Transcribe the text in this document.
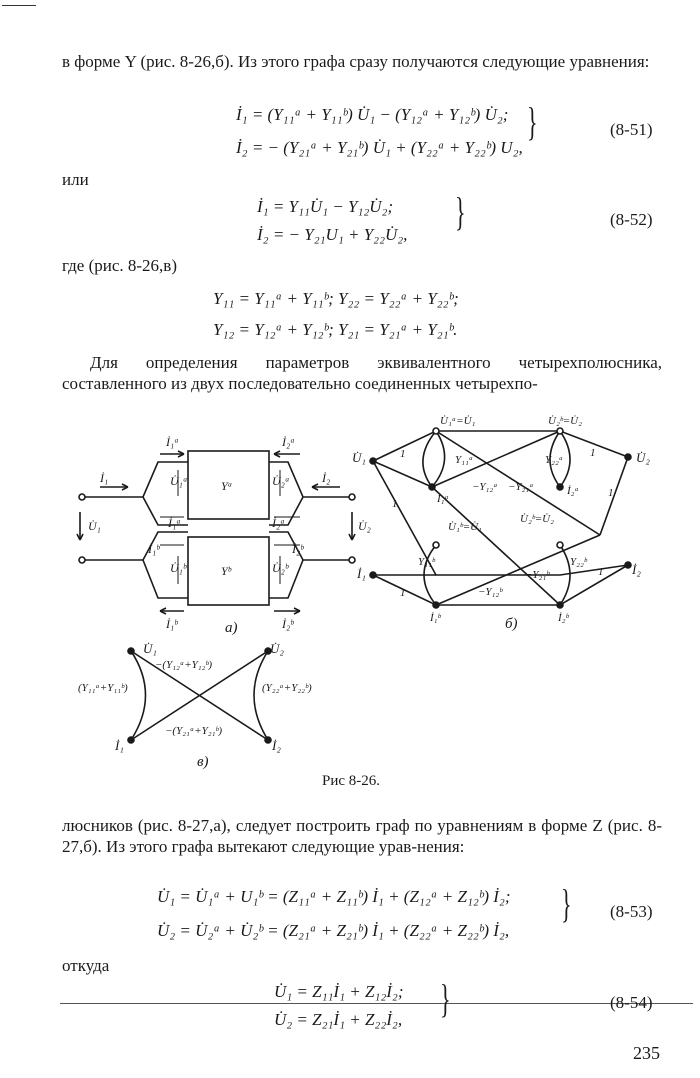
в форме Y (рис. 8-26,б). Из этого графа сразу получаются следующие уравнения:
İ₁ = (Y₁₁ᵃ + Y₁₁ᵇ) U̇₁ − (Y₁₂ᵃ + Y₁₂ᵇ) U̇₂;
İ₂ = − (Y₂₁ᵃ + Y₂₁ᵇ) U̇₁ + (Y₂₂ᵃ + Y₂₂ᵇ) U₂,
}	(8-51)
или
İ₁ = Y₁₁U̇₁ − Y₁₂U̇₂;
İ₂ = − Y₂₁U₁ + Y₂₂U̇₂,
}	(8-52)
где (рис. 8-26,в)
Y₁₁ = Y₁₁ᵃ + Y₁₁ᵇ; Y₂₂ = Y₂₂ᵃ + Y₂₂ᵇ;
Y₁₂ = Y₁₂ᵃ + Y₁₂ᵇ; Y₂₁ = Y₂₁ᵃ + Y₂₁ᵇ.
Для определения параметров эквивалентного четырехполюсника, составленного из двух последовательно соединенных четырехпо-
Yᵃ
Yᵇ
İ₁	İ₂
U̇₁	U̇₂
İ₁ᵃ	İ₂ᵃ
İ₁ᵇ	İ₂ᵇ
U̇₁ᵃ	U̇₂ᵃ
U̇₁ᵇ	U̇₂ᵇ
İ₁ᵃ	İ₂ᵃ
İ₁ᵇ	İ₂ᵇ
а)
U̇₁	U̇₂
İ₁	İ₂
U̇₁ᵃ=U̇₁	U̇₂ᵇ=U̇₂
İ₁ᵃ
İ₂ᵃ
U̇₁ᵇ=U̇₁
U̇₂ᵇ=U̇₂
İ₁ᵇ	İ₂ᵇ
Y₁₁ᵃ	Y₂₂ᵃ
−Y₁₂ᵃ −Y₂₁ᵃ
Y₁₁ᵇ	Y₂₂ᵇ
−Y₁₂ᵇ
−Y₂₁ᵇ
1	1
1
1
1
1
б)
U̇₁	U̇₂
İ₁	İ₂
−(Y₁₂ᵃ+Y₁₂ᵇ)
−(Y₂₁ᵃ+Y₂₁ᵇ)
(Y₁₁ᵃ+Y₁₁ᵇ)	(Y₂₂ᵃ+Y₂₂ᵇ)
в)
Рис 8-26.
люсников (рис. 8-27,а), следует построить граф по уравнениям в форме Z (рис. 8-27,б). Из этого графа вытекают следующие урав-нения:
U̇₁ = U̇₁ᵃ + U₁ᵇ = (Z₁₁ᵃ + Z₁₁ᵇ) İ₁ + (Z₁₂ᵃ + Z₁₂ᵇ) İ₂;
U̇₂ = U̇₂ᵃ + U̇₂ᵇ = (Z₂₁ᵃ + Z₂₁ᵇ) İ₁ + (Z₂₂ᵃ + Z₂₂ᵇ) İ₂,
} (8-53)
откуда
U̇₁ = Z₁₁İ₁ + Z₁₂İ₂;
U̇₂ = Z₂₁İ₁ + Z₂₂İ₂, }	(8-54)
235
